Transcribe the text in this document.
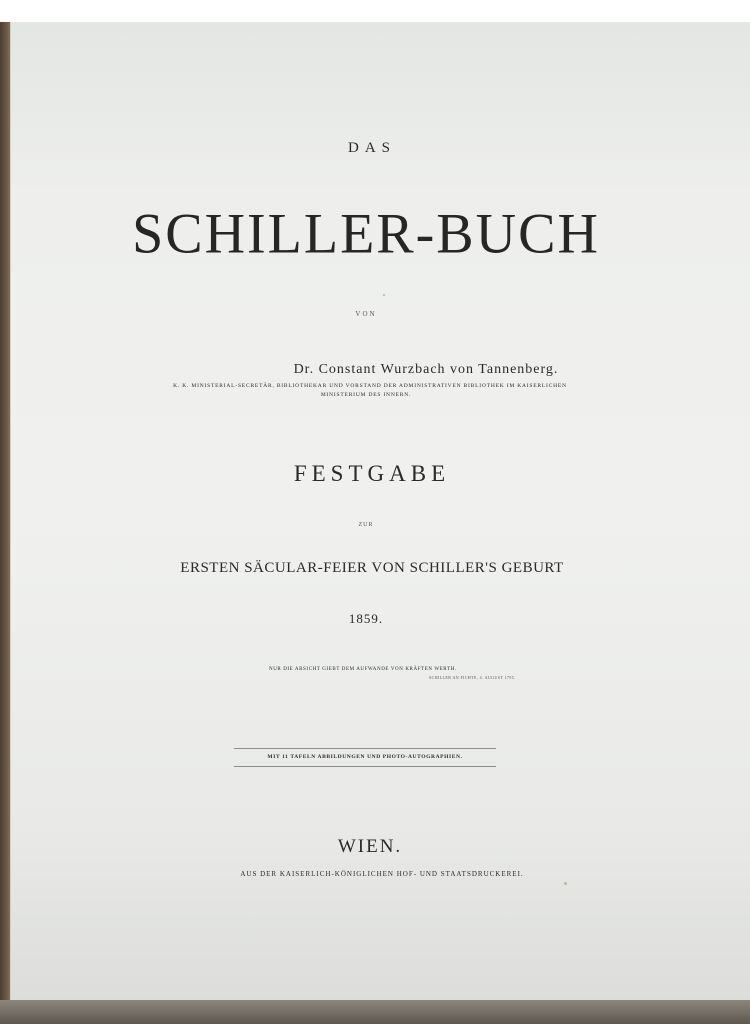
DAS
SCHILLER-BUCH
VON
Dr. Constant Wurzbach von Tannenberg.
K. K. MINISTERIAL-SECRETÄR, BIBLIOTHEKAR UND VORSTAND DER ADMINISTRATIVEN BIBLIOTHEK IM KAISERLICHEN
MINISTERIUM DES INNERN.
FESTGABE
ZUR
ERSTEN SÄCULAR-FEIER VON SCHILLER'S GEBURT
1859.
NUR DIE ABSICHT GIEBT DEM AUFWANDE VON KRÄFTEN WERTH.
SCHILLER AN FICHTE, 4. AUGUST 1795.
MIT 11 TAFELN ABBILDUNGEN UND PHOTO-AUTOGRAPHIEN.
WIEN.
AUS DER KAISERLICH-KÖNIGLICHEN HOF- UND STAATSDRUCKEREI.
